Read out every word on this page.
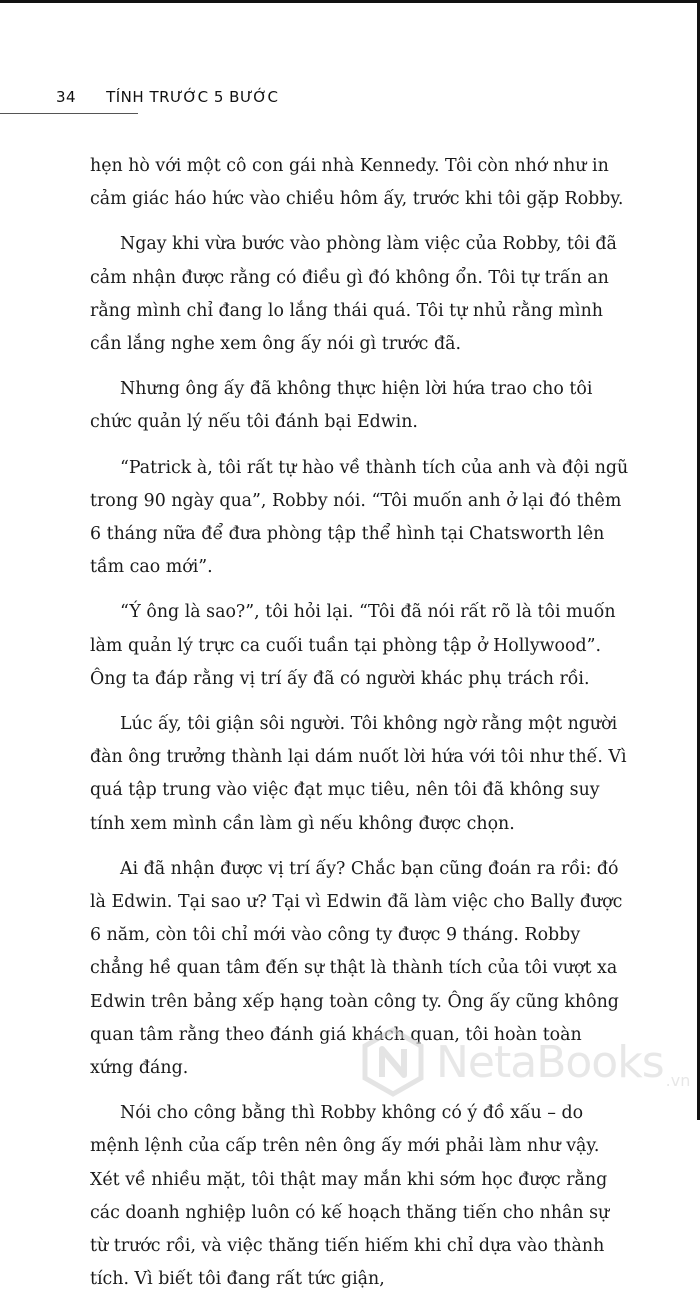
34 TÍNH TRƯỚC 5 BƯỚC

hẹn hò với một cô con gái nhà Kennedy. Tôi còn nhớ như in cảm giác háo hức vào chiều hôm ấy, trước khi tôi gặp Robby.

Ngay khi vừa bước vào phòng làm việc của Robby, tôi đã cảm nhận được rằng có điều gì đó không ổn. Tôi tự trấn an rằng mình chỉ đang lo lắng thái quá. Tôi tự nhủ rằng mình cần lắng nghe xem ông ấy nói gì trước đã.

Nhưng ông ấy đã không thực hiện lời hứa trao cho tôi chức quản lý nếu tôi đánh bại Edwin.

“Patrick à, tôi rất tự hào về thành tích của anh và đội ngũ trong 90 ngày qua”, Robby nói. “Tôi muốn anh ở lại đó thêm 6 tháng nữa để đưa phòng tập thể hình tại Chatsworth lên tầm cao mới”.

“Ý ông là sao?”, tôi hỏi lại. “Tôi đã nói rất rõ là tôi muốn làm quản lý trực ca cuối tuần tại phòng tập ở Hollywood”. Ông ta đáp rằng vị trí ấy đã có người khác phụ trách rồi.

Lúc ấy, tôi giận sôi người. Tôi không ngờ rằng một người đàn ông trưởng thành lại dám nuốt lời hứa với tôi như thế. Vì quá tập trung vào việc đạt mục tiêu, nên tôi đã không suy tính xem mình cần làm gì nếu không được chọn.

Ai đã nhận được vị trí ấy? Chắc bạn cũng đoán ra rồi: đó là Edwin. Tại sao ư? Tại vì Edwin đã làm việc cho Bally được 6 năm, còn tôi chỉ mới vào công ty được 9 tháng. Robby chẳng hề quan tâm đến sự thật là thành tích của tôi vượt xa Edwin trên bảng xếp hạng toàn công ty. Ông ấy cũng không quan tâm rằng theo đánh giá khách quan, tôi hoàn toàn xứng đáng.

Nói cho công bằng thì Robby không có ý đồ xấu – do mệnh lệnh của cấp trên nên ông ấy mới phải làm như vậy. Xét về nhiều mặt, tôi thật may mắn khi sớm học được rằng các doanh nghiệp luôn có kế hoạch thăng tiến cho nhân sự từ trước rồi, và việc thăng tiến hiếm khi chỉ dựa vào thành tích. Vì biết tôi đang rất tức giận,

NetaBooks .vn
